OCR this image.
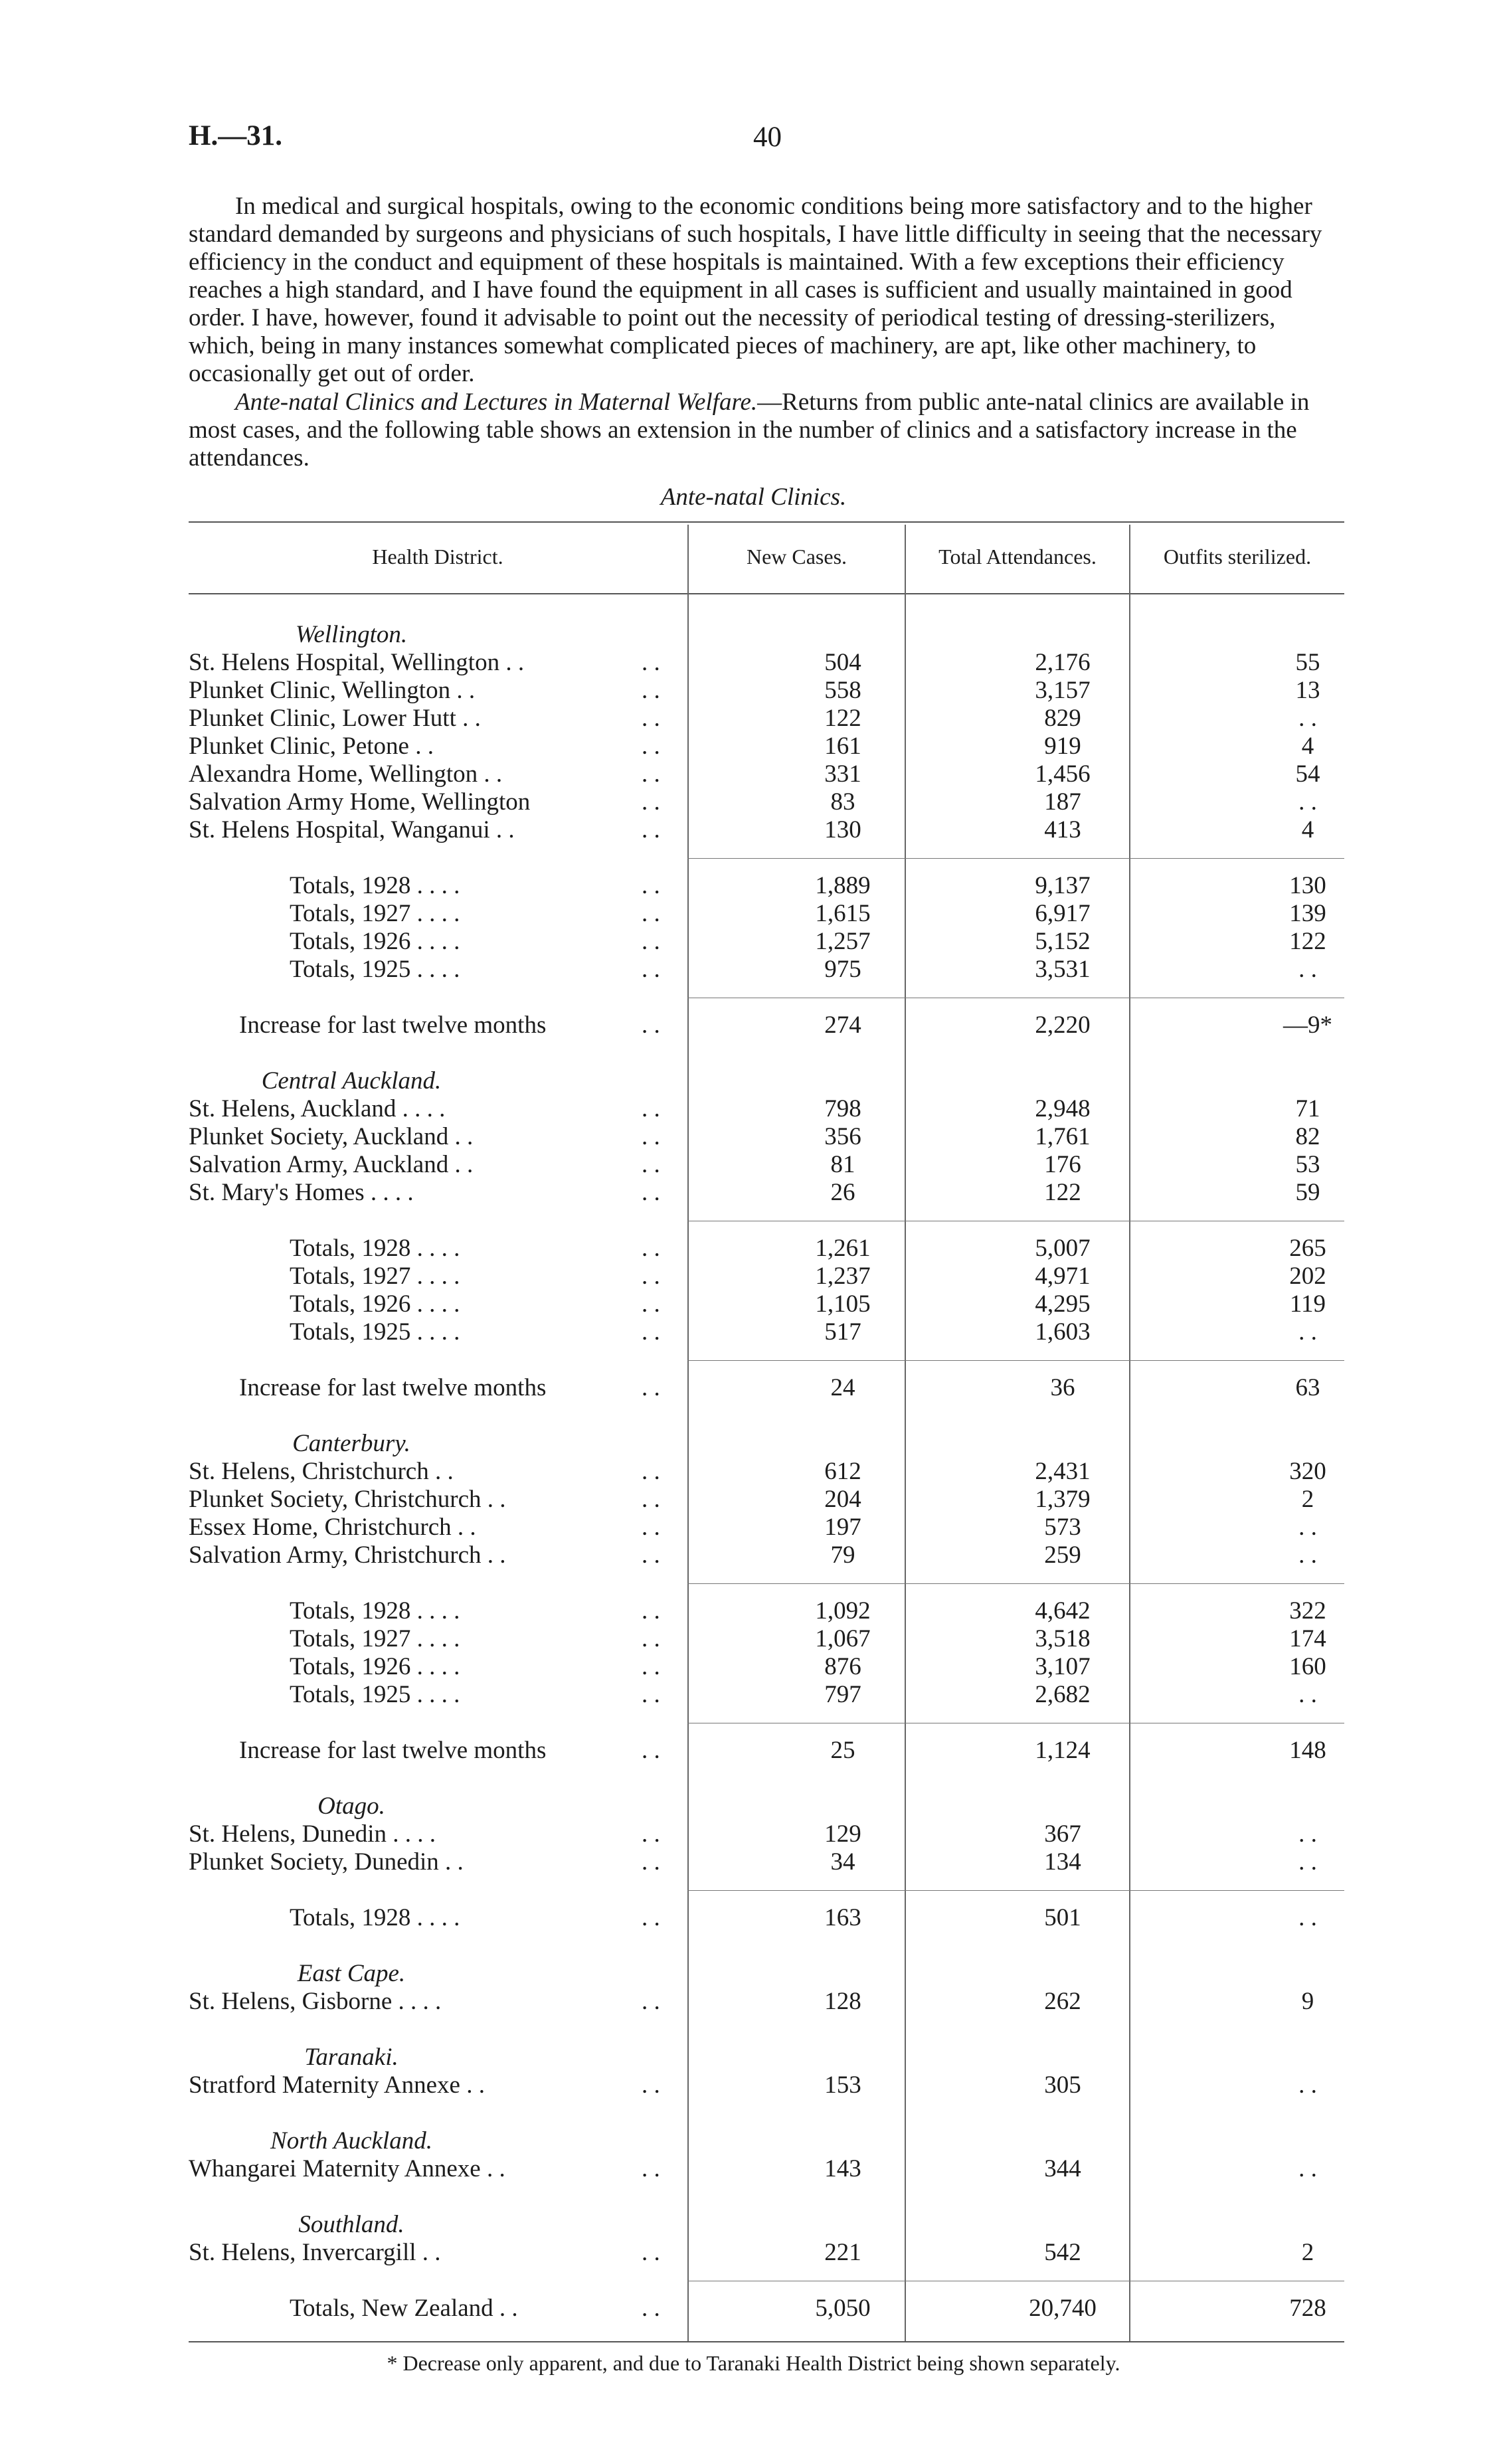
H.—31.	40
In medical and surgical hospitals, owing to the economic conditions being more satisfactory and to the higher standard demanded by surgeons and physicians of such hospitals, I have little difficulty in seeing that the necessary efficiency in the conduct and equipment of these hospitals is maintained. With a few exceptions their efficiency reaches a high standard, and I have found the equipment in all cases is sufficient and usually maintained in good order. I have, however, found it advisable to point out the necessity of periodical testing of dressing-sterilizers, which, being in many instances somewhat complicated pieces of machinery, are apt, like other machinery, to occasionally get out of order.
Ante-natal Clinics and Lectures in Maternal Welfare.—Returns from public ante-natal clinics are available in most cases, and the following table shows an extension in the number of clinics and a satisfactory increase in the attendances.
Ante-natal Clinics.
Health District.	New Cases.	Total Attendances.	Outfits sterilized.
Wellington.
St. Helens Hospital, Wellington . .	. .	504	2,176	55
Plunket Clinic, Wellington . .	. .	558	3,157	13
Plunket Clinic, Lower Hutt . .	. .	122	829	. .
Plunket Clinic, Petone . .	. .	161	919	4
Alexandra Home, Wellington . .	. .	331	1,456	54
Salvation Army Home, Wellington	. .	83	187	. .
St. Helens Hospital, Wanganui . .	. .	130	413	4
Totals, 1928 . . . .	. .	1,889	9,137	130
Totals, 1927 . . . .	. .	1,615	6,917	139
Totals, 1926 . . . .	. .	1,257	5,152	122
Totals, 1925 . . . .	. .	975	3,531	. .
Increase for last twelve months	. .	274	2,220	—9*
Central Auckland.
St. Helens, Auckland . . . .	. .	798	2,948	71
Plunket Society, Auckland . .	. .	356	1,761	82
Salvation Army, Auckland . .	. .	81	176	53
St. Mary's Homes . . . .	. .	26	122	59
Totals, 1928 . . . .	. .	1,261	5,007	265
Totals, 1927 . . . .	. .	1,237	4,971	202
Totals, 1926 . . . .	. .	1,105	4,295	119
Totals, 1925 . . . .	. .	517	1,603	. .
Increase for last twelve months	. .	24	36	63
Canterbury.
St. Helens, Christchurch . .	. .	612	2,431	320
Plunket Society, Christchurch . .	. .	204	1,379	2
Essex Home, Christchurch . .	. .	197	573	. .
Salvation Army, Christchurch . .	. .	79	259	. .
Totals, 1928 . . . .	. .	1,092	4,642	322
Totals, 1927 . . . .	. .	1,067	3,518	174
Totals, 1926 . . . .	. .	876	3,107	160
Totals, 1925 . . . .	. .	797	2,682	. .
Increase for last twelve months	. .	25	1,124	148
Otago.
St. Helens, Dunedin . . . .	. .	129	367	. .
Plunket Society, Dunedin . .	. .	34	134	. .
Totals, 1928 . . . .	. .	163	501	. .
East Cape.
St. Helens, Gisborne . . . .	. .	128	262	9
Taranaki.
Stratford Maternity Annexe . .	. .	153	305	. .
North Auckland.
Whangarei Maternity Annexe . .	. .	143	344	. .
Southland.
St. Helens, Invercargill . .	. .	221	542	2
Totals, New Zealand . .	. .	5,050	20,740	728
* Decrease only apparent, and due to Taranaki Health District being shown separately.
